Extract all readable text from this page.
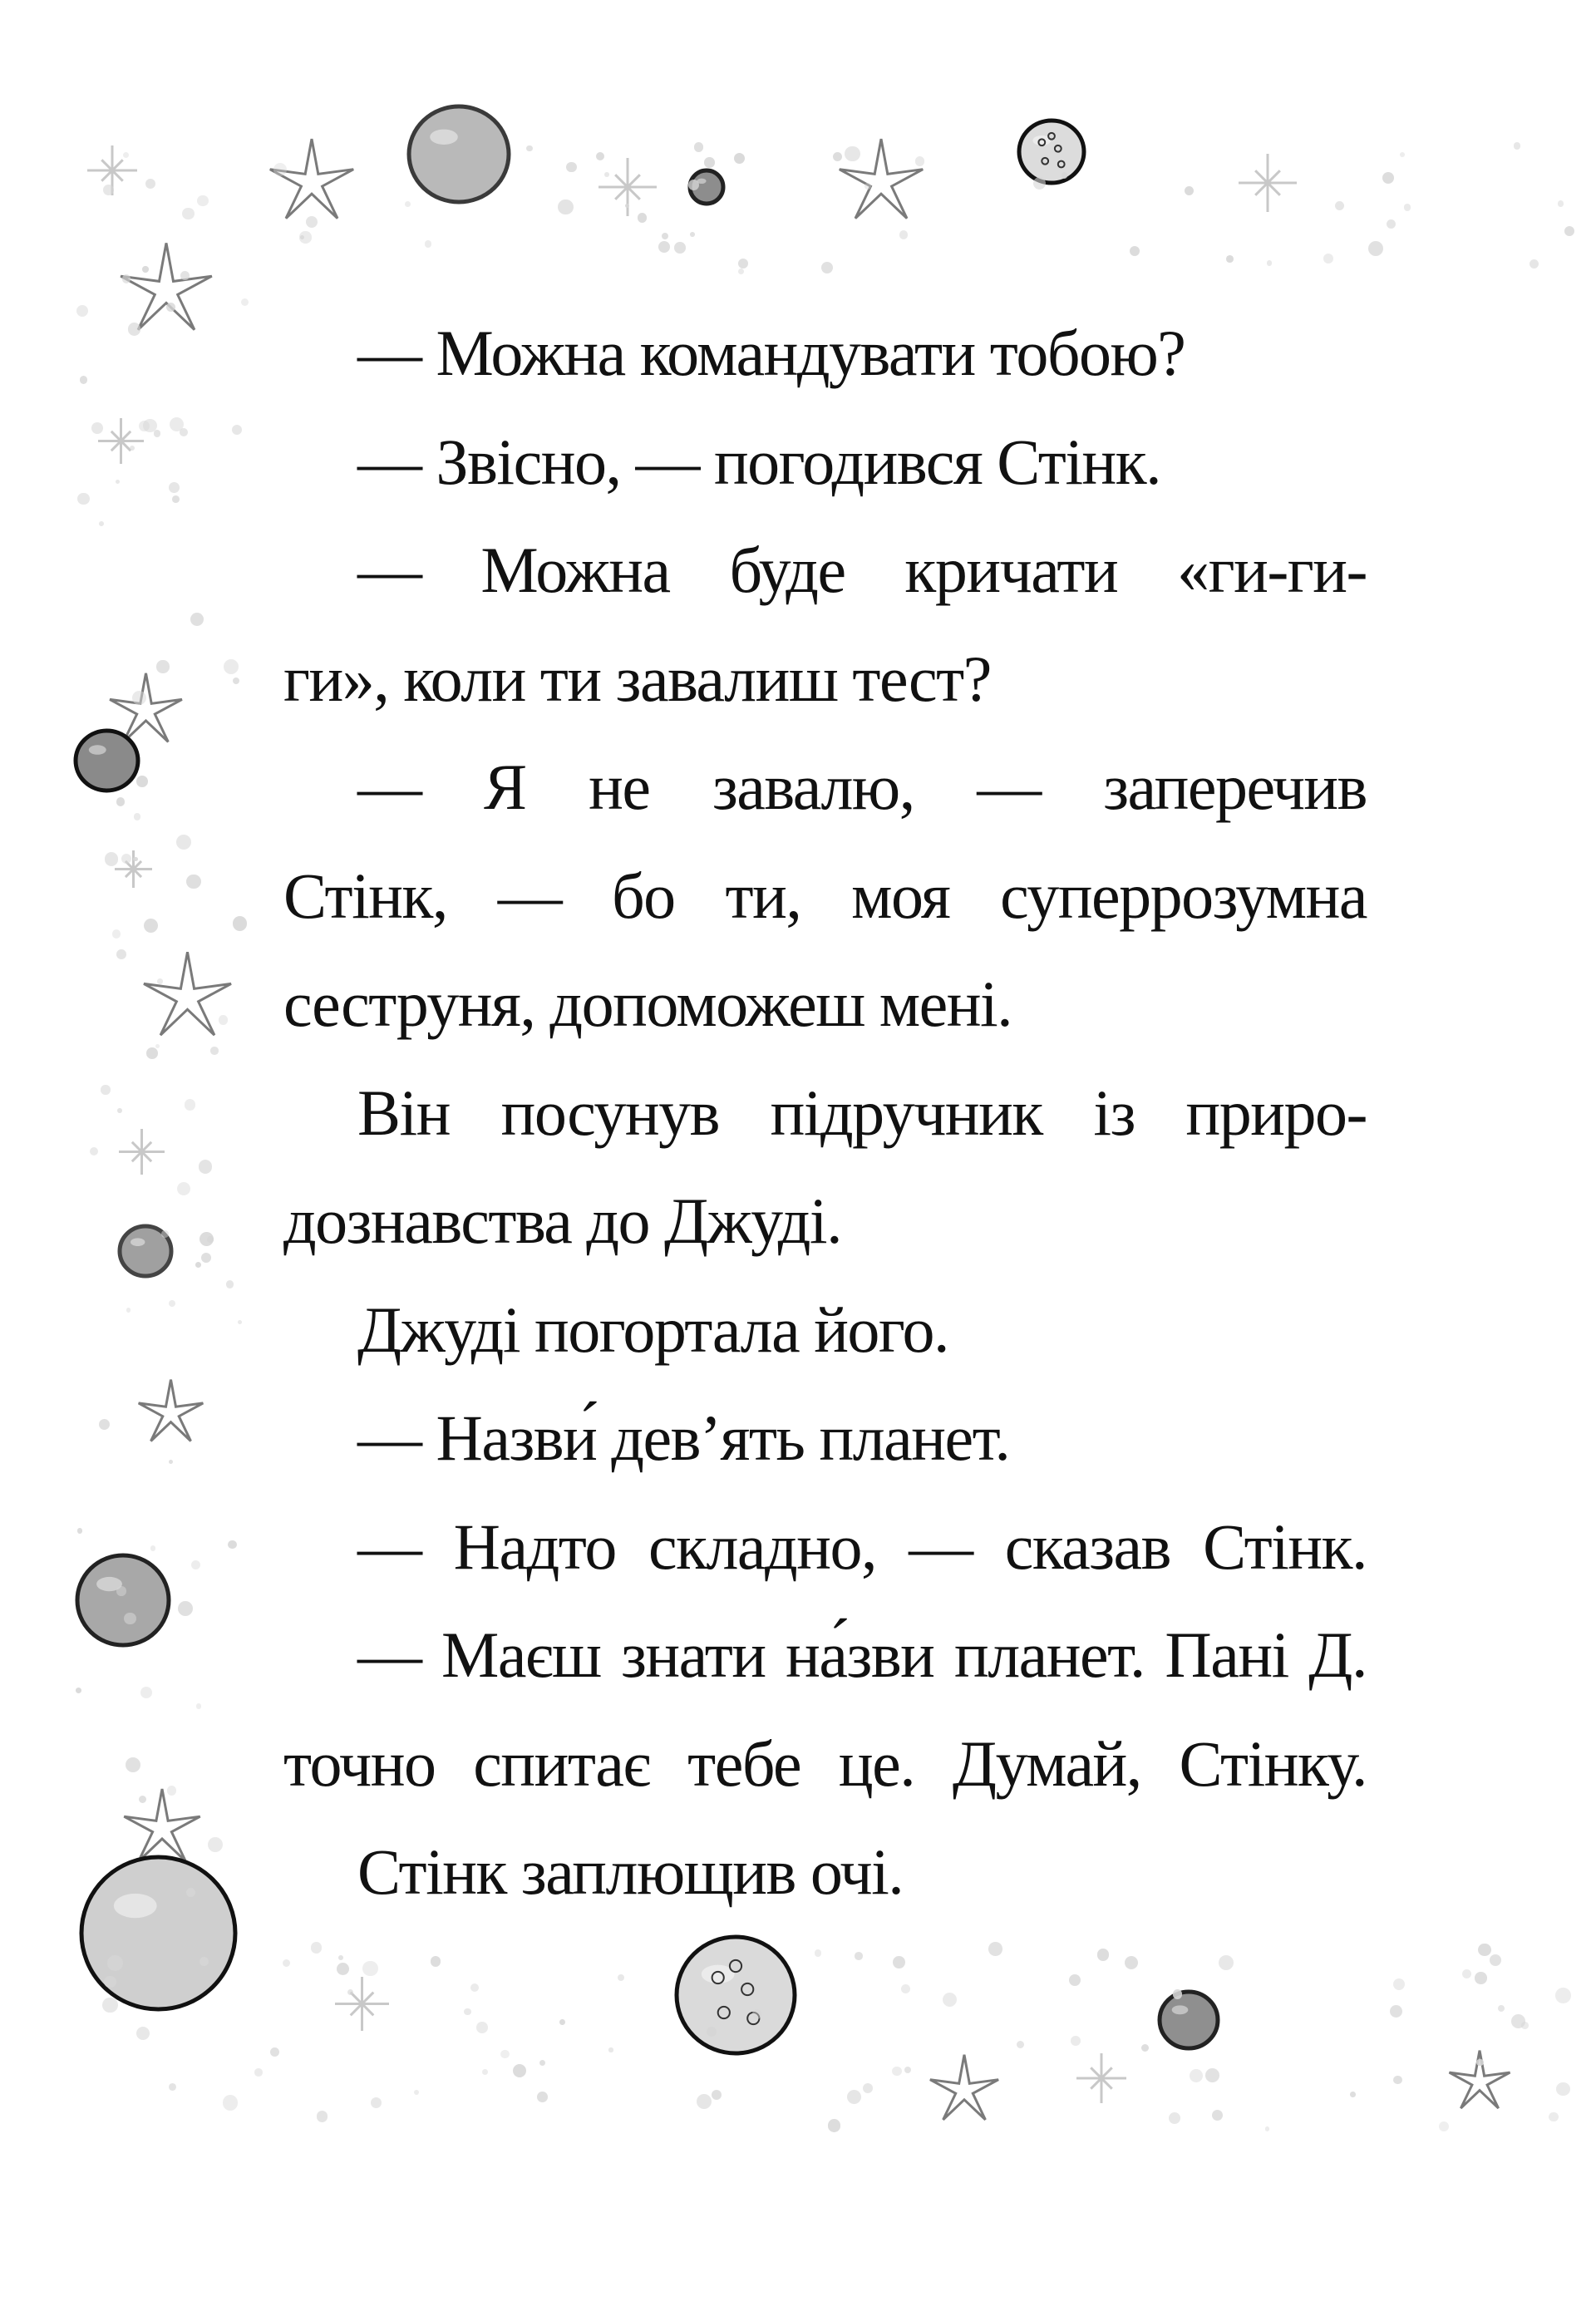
— Можна командувати тобою?
— Звісно, — погодився Стінк.
— Можна буде кричати «ги-ги-
ги», коли ти завалиш тест?
— Я не завалю, — заперечив
Стінк, — бо ти, моя суперрозумна
сеструня, допоможеш мені.
Він посунув підручник із приро-
дознавства до Джуді.
Джуді погортала його.
— Назви́ дев’ять планет.
— Надто складно, — сказав Стінк.
— Маєш знати на́зви планет. Пані Д.
точно спитає тебе це. Думай, Стінку.
Стінк заплющив очі.
